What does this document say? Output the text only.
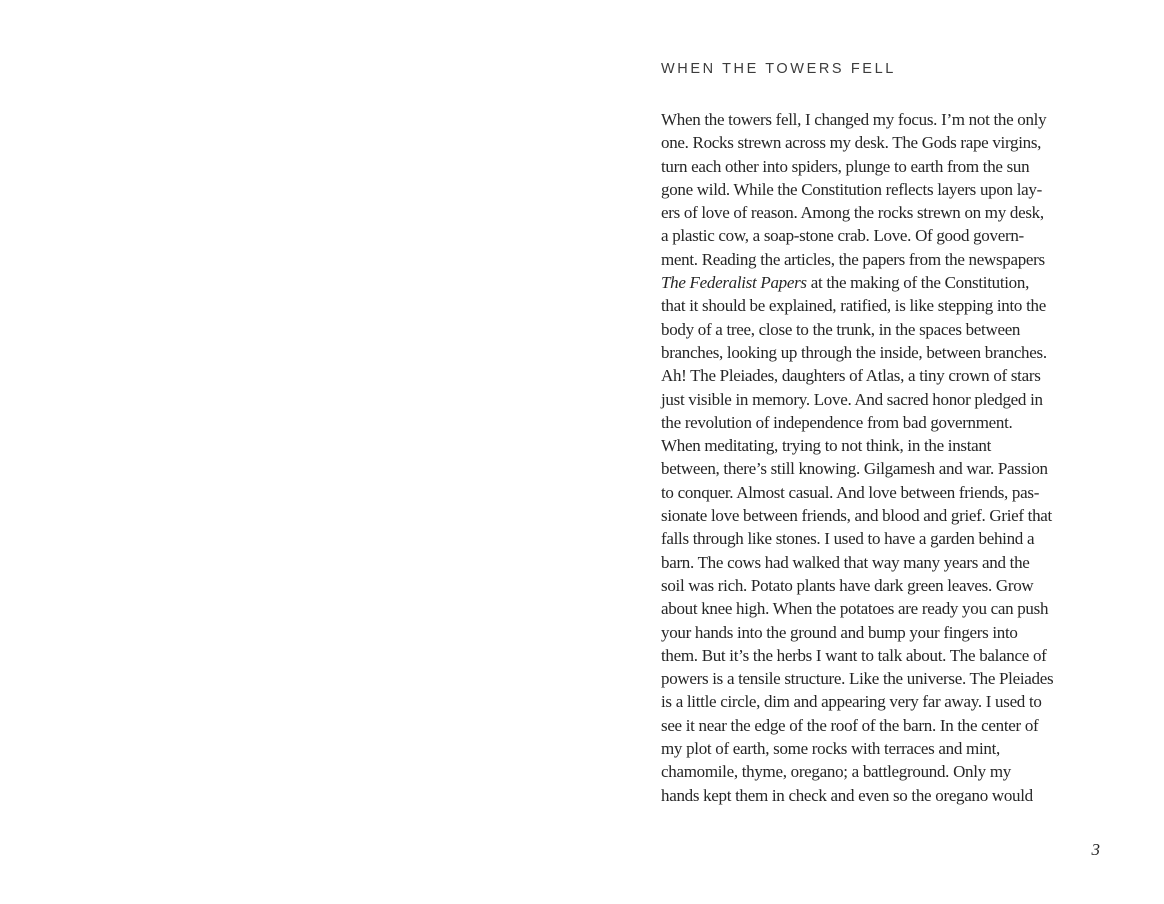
WHEN THE TOWERS FELL
When the towers fell, I changed my focus. I’m not the only
one. Rocks strewn across my desk. The Gods rape virgins,
turn each other into spiders, plunge to earth from the sun
gone wild. While the Constitution reflects layers upon lay-
ers of love of reason. Among the rocks strewn on my desk,
a plastic cow, a soap-stone crab. Love. Of good govern-
ment. Reading the articles, the papers from the newspapers
The Federalist Papers at the making of the Constitution,
that it should be explained, ratified, is like stepping into the
body of a tree, close to the trunk, in the spaces between
branches, looking up through the inside, between branches.
Ah! The Pleiades, daughters of Atlas, a tiny crown of stars
just visible in memory. Love. And sacred honor pledged in
the revolution of independence from bad government.
When meditating, trying to not think, in the instant
between, there’s still knowing. Gilgamesh and war. Passion
to conquer. Almost casual. And love between friends, pas-
sionate love between friends, and blood and grief. Grief that
falls through like stones. I used to have a garden behind a
barn. The cows had walked that way many years and the
soil was rich. Potato plants have dark green leaves. Grow
about knee high. When the potatoes are ready you can push
your hands into the ground and bump your fingers into
them. But it’s the herbs I want to talk about. The balance of
powers is a tensile structure. Like the universe. The Pleiades
is a little circle, dim and appearing very far away. I used to
see it near the edge of the roof of the barn. In the center of
my plot of earth, some rocks with terraces and mint,
chamomile, thyme, oregano; a battleground. Only my
hands kept them in check and even so the oregano would
3
